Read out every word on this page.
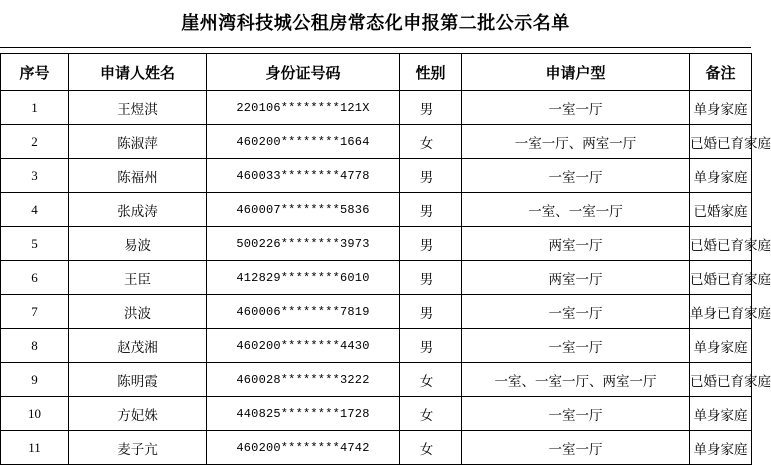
崖州湾科技城公租房常态化申报第二批公示名单
序号	申请人姓名	身份证号码	性别	申请户型	备注
1	王煜淇	220106********121X	男	一室一厅	单身家庭
2	陈淑萍	460200********1664	女	一室一厅、两室一厅	已婚已育家庭
3	陈福州	460033********4778	男	一室一厅	单身家庭
4	张成涛	460007********5836	男	一室、一室一厅	已婚家庭
5	易波	500226********3973	男	两室一厅	已婚已育家庭
6	王臣	412829********6010	男	两室一厅	已婚已育家庭
7	洪波	460006********7819	男	一室一厅	单身已育家庭
8	赵茂湘	460200********4430	男	一室一厅	单身家庭
9	陈明霞	460028********3222	女	一室、一室一厅、两室一厅	已婚已育家庭
10	方妃姝	440825********1728	女	一室一厅	单身家庭
11	麦子亢	460200********4742	女	一室一厅	单身家庭
